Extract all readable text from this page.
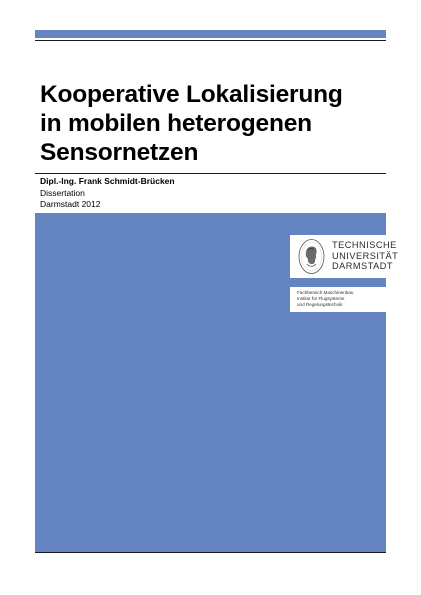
Kooperative Lokalisierung
in mobilen heterogenen
Sensornetzen
Dipl.-Ing. Frank Schmidt-Brücken
Dissertation
Darmstadt 2012
TECHNISCHE
UNIVERSITÄT
DARMSTADT
Fachbereich Maschinenbau
Institut für Flugsysteme
und Regelungstechnik
